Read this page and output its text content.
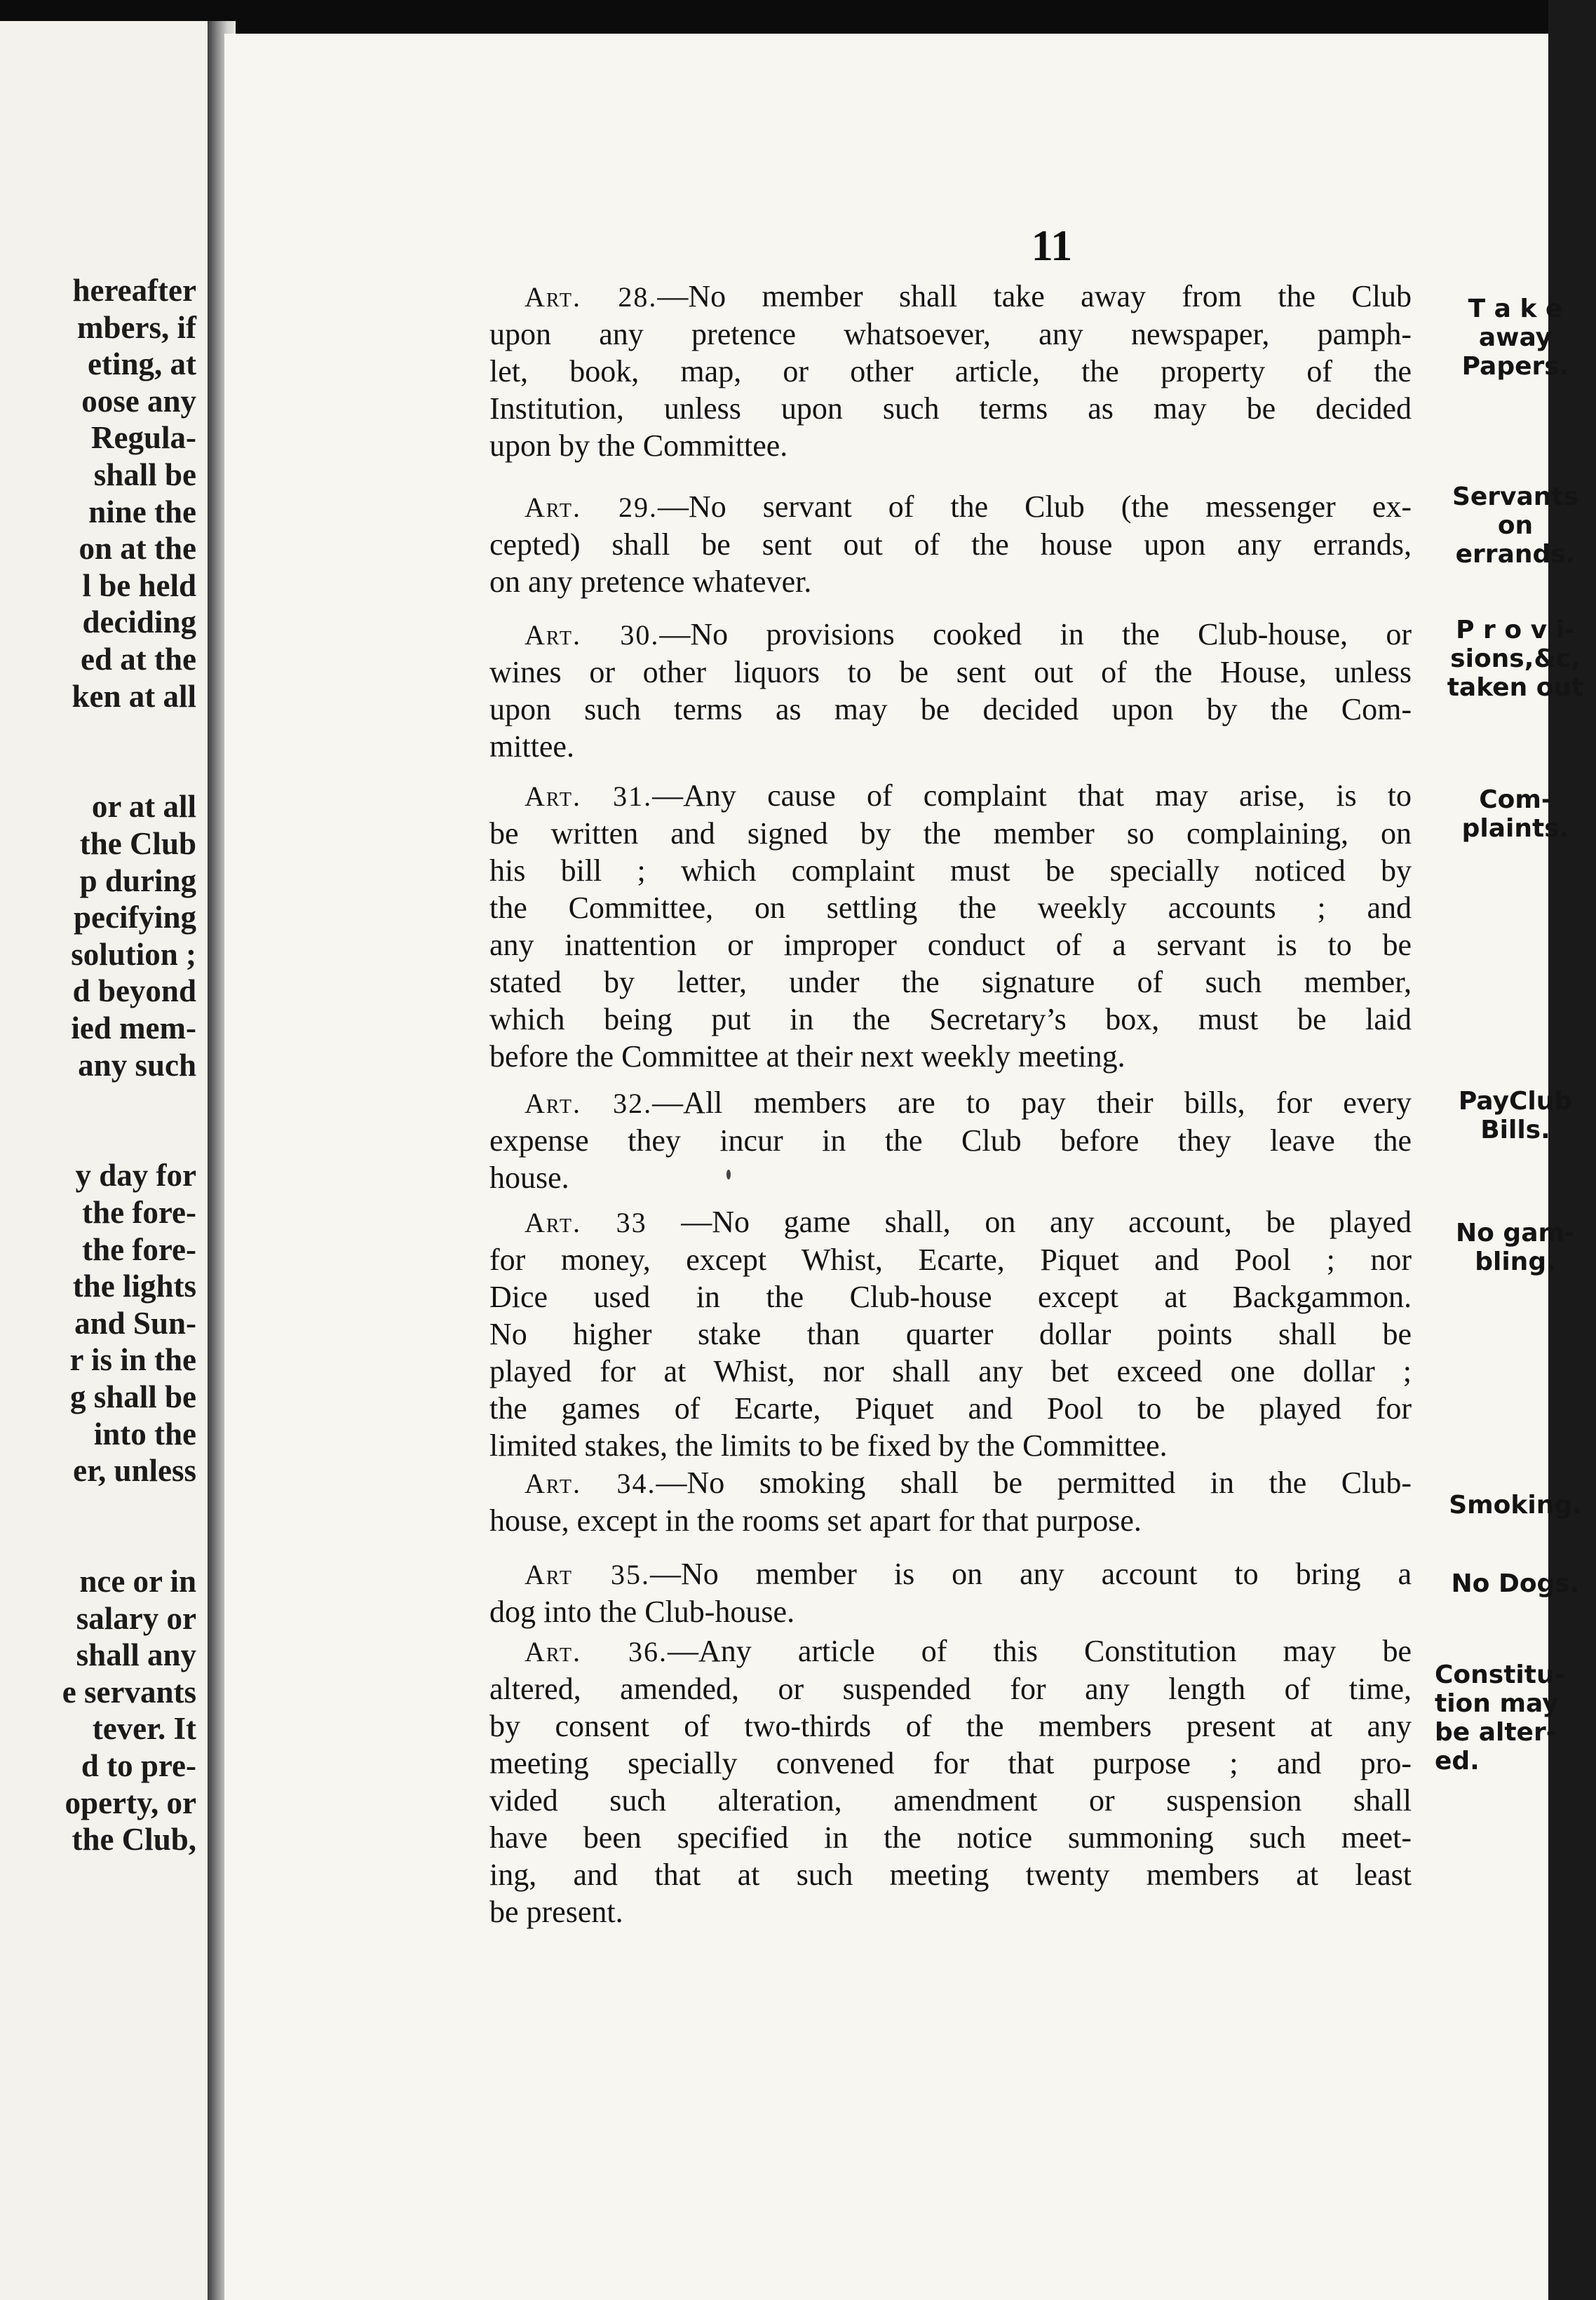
hereafter
mbers, if
eting, at
oose any
Regula-
shall be
nine the
on at the
l be held
deciding
ed at the
ken at all
or at all
the Club
p during
pecifying
solution ;
d beyond
ied mem-
any such
y day for
the fore-
the fore-
the lights
and Sun-
r is in the
g shall be
into the
er, unless
nce or in
salary or
shall any
e servants
tever. It
d to pre-
operty, or
the Club,
11
Art. 28.—No member shall take away from the Club
upon any pretence whatsoever, any newspaper, pamph-
let, book, map, or other article, the property of the
Institution, unless upon such terms as may be decided
upon by the Committee.
T a k e
away
Papers.
Art. 29.—No servant of the Club (the messenger ex-
cepted) shall be sent out of the house upon any errands,
on any pretence whatever.
Servants
on
errands.
Art. 30.—No provisions cooked in the Club-house, or
wines or other liquors to be sent out of the House, unless
upon such terms as may be decided upon by the Com-
mittee.
P r o v i-
sions,&c,
taken out
Art. 31.—Any cause of complaint that may arise, is to
be written and signed by the member so complaining, on
his bill ; which complaint must be specially noticed by
the Committee, on settling the weekly accounts ; and
any inattention or improper conduct of a servant is to be
stated by letter, under the signature of such member,
which being put in the Secretary’s box, must be laid
before the Committee at their next weekly meeting.
Com-
plaints.
Art. 32.—All members are to pay their bills, for every
expense they incur in the Club before they leave the
house.
PayClub
Bills.
Art. 33 —No game shall, on any account, be played
for money, except Whist, Ecarte, Piquet and Pool ; nor
Dice used in the Club-house except at Backgammon.
No higher stake than quarter dollar points shall be
played for at Whist, nor shall any bet exceed one dollar ;
the games of Ecarte, Piquet and Pool to be played for
limited stakes, the limits to be fixed by the Committee.
No gam-
bling.
Art. 34.—No smoking shall be permitted in the Club-
house, except in the rooms set apart for that purpose.	Smoking.
Art 35.—No member is on any account to bring a
dog into the Club-house.
No Dogs.
Art. 36.—Any article of this Constitution may be
altered, amended, or suspended for any length of time,
by consent of two-thirds of the members present at any
meeting specially convened for that purpose ; and pro-
vided such alteration, amendment or suspension shall
have been specified in the notice summoning such meet-
ing, and that at such meeting twenty members at least
be present.
Constitu-
tion may
be alter-
ed.
